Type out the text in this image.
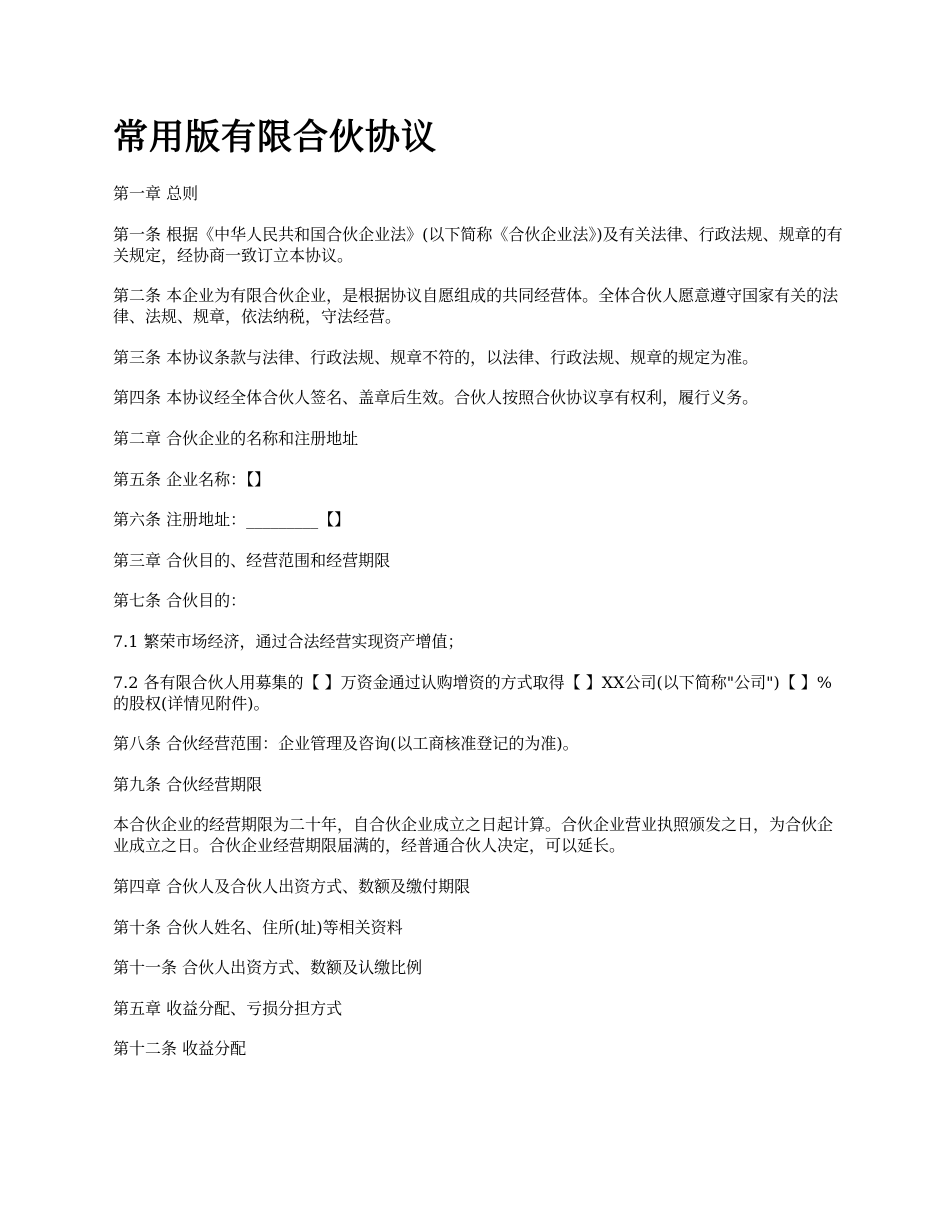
常用版有限合伙协议

第一章 总则

第一条 根据《中华人民共和国合伙企业法》(以下简称《合伙企业法》)及有关法律、行政法规、规章的有关规定，经协商一致订立本协议。

第二条 本企业为有限合伙企业，是根据协议自愿组成的共同经营体。全体合伙人愿意遵守国家有关的法律、法规、规章，依法纳税，守法经营。

第三条 本协议条款与法律、行政法规、规章不符的，以法律、行政法规、规章的规定为准。

第四条 本协议经全体合伙人签名、盖章后生效。合伙人按照合伙协议享有权利，履行义务。

第二章 合伙企业的名称和注册地址

第五条 企业名称：【】

第六条 注册地址：_________【】

第三章 合伙目的、经营范围和经营期限

第七条 合伙目的：

7.1 繁荣市场经济，通过合法经营实现资产增值；

7.2 各有限合伙人用募集的【 】万资金通过认购增资的方式取得【 】XX公司(以下简称"公司")【 】%的股权(详情见附件)。

第八条 合伙经营范围：企业管理及咨询(以工商核准登记的为准)。

第九条 合伙经营期限

本合伙企业的经营期限为二十年，自合伙企业成立之日起计算。合伙企业营业执照颁发之日，为合伙企业成立之日。合伙企业经营期限届满的，经普通合伙人决定，可以延长。

第四章 合伙人及合伙人出资方式、数额及缴付期限

第十条 合伙人姓名、住所(址)等相关资料

第十一条 合伙人出资方式、数额及认缴比例

第五章 收益分配、亏损分担方式

第十二条 收益分配
